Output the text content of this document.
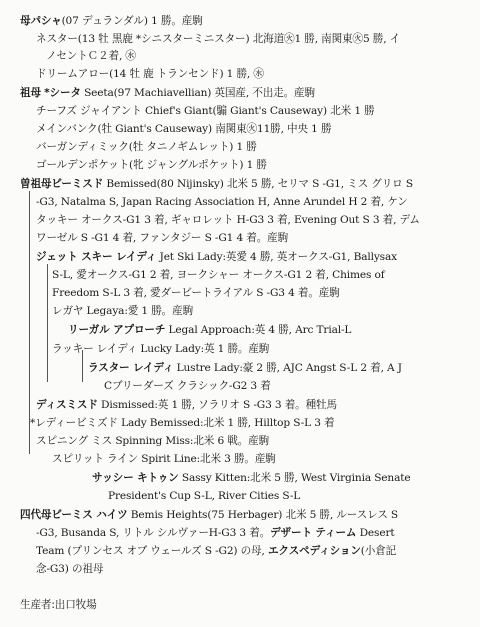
母パシャ(07 デュランダル) 1 勝。産駒
ネスター(13 牡 黒鹿 *シニスターミニスター) 北海道㊋1 勝, 南関東㊋5 勝, イ
ノセントＣ２着, ㊌
ドリームアロー(14 牡 鹿 トランセンド) 1 勝, ㊌
祖母 *シータ Seeta(97 Machiavellian) 英国産, 不出走。産駒
チーフズ ジャイアント Chief's Giant(騸 Giant's Causeway) 北米 1 勝
メインバンク(牡 Giant's Causeway) 南関東㊋11勝, 中央 1 勝
バーガンディミック(牡 タニノギムレット) 1 勝
ゴールデンポケット(牝 ジャングルポケット) 1 勝
曽祖母ビーミスド Bemissed(80 Nijinsky) 北米 5 勝, セリマ S -G1, ミス グリロ S
-G3, Natalma S, Japan Racing Association H, Anne Arundel H 2 着, ケン
タッキー オークス-G1 3 着, ギャロレット H-G3 3 着, Evening Out S 3 着, デム
ワーゼル S -G1 4 着, ファンタジー S -G1 4 着。産駒
ジェット スキー レイディ Jet Ski Lady:英愛 4 勝, 英オークス-G1, Ballysax
S-L, 愛オークス-G1 2 着, ヨークシャー オークス-G1 2 着, Chimes of
Freedom S-L 3 着, 愛ダービートライアル S -G3 4 着。産駒
レガヤ Legaya:愛 1 勝。産駒
リーガル アプローチ Legal Approach:英 4 勝, Arc Trial-L
ラッキー レイディ Lucky Lady:英 1 勝。産駒
ラスター レイディ Lustre Lady:豪 2 勝, AJC Angst S-L 2 着, A J
Cブリーダーズ クラシック-G2 3 着
ディスミスド Dismissed:英 1 勝, ソラリオ S -G3 3 着。種牡馬
*レディービミズド Lady Bemissed:北米 1 勝, Hilltop S-L 3 着
スピニング ミス Spinning Miss:北米 6 戦。産駒
スピリット ライン Spirit Line:北米 3 勝。産駒
サッシー キトゥン Sassy Kitten:北米 5 勝, West Virginia Senate
President's Cup S-L, River Cities S-L
四代母ビーミス ハイツ Bemis Heights(75 Herbager) 北米 5 勝, ルースレス S
-G3, Busanda S, リトル シルヴァーH-G3 3 着。デザート ティーム Desert
Team (プリンセス オブ ウェールズ S -G2) の母, エクスペディション(小倉記
念-G3) の祖母
生産者:出口牧場
